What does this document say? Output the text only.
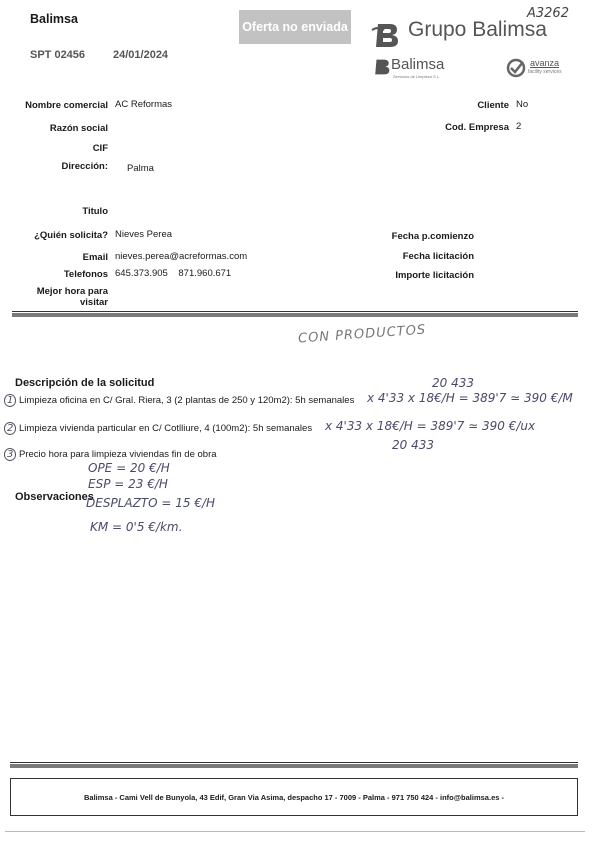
Balimsa
SPT 02456	24/01/2024
Oferta no enviada
A3262
Grupo Balimsa
Balimsa
Servicios de Limpieza S.L.
avanza
facility services
Nombre comercial AC Reformas
Razón social
CIF
Dirección: Palma
Titulo
¿Quién solicita? Nieves Perea
Email nieves.perea@acreformas.com
Telefonos 645.373.905    871.960.671
Mejor hora para visitar
Cliente No
Cod. Empresa 2
Fecha p.comienzo
Fecha licitación
Importe licitación
CON PRODUCTOS
Descripción de la solicitud	20 433
1 Limpieza oficina en C/ Gral. Riera, 3 (2 plantas de 250 y 120m2): 5h semanales x 4'33 x 18€/H = 389'7 ≃ 390 €/M
2 Limpieza vivienda particular en C/ Cotlliure, 4 (100m2): 5h semanales x 4'33 x 18€/H = 389'7 ≃ 390 €/ux
20 433
3 Precio hora para limpieza viviendas fin de obra
Observaciones
OPE = 20 €/H
ESP = 23 €/H
DESPLAZTO = 15 €/H
KM = 0'5 €/km.
Balimsa - Cami Vell de Bunyola, 43 Edif, Gran Via Asima, despacho 17 - 7009 - Palma - 971 750 424 - info@balimsa.es -
